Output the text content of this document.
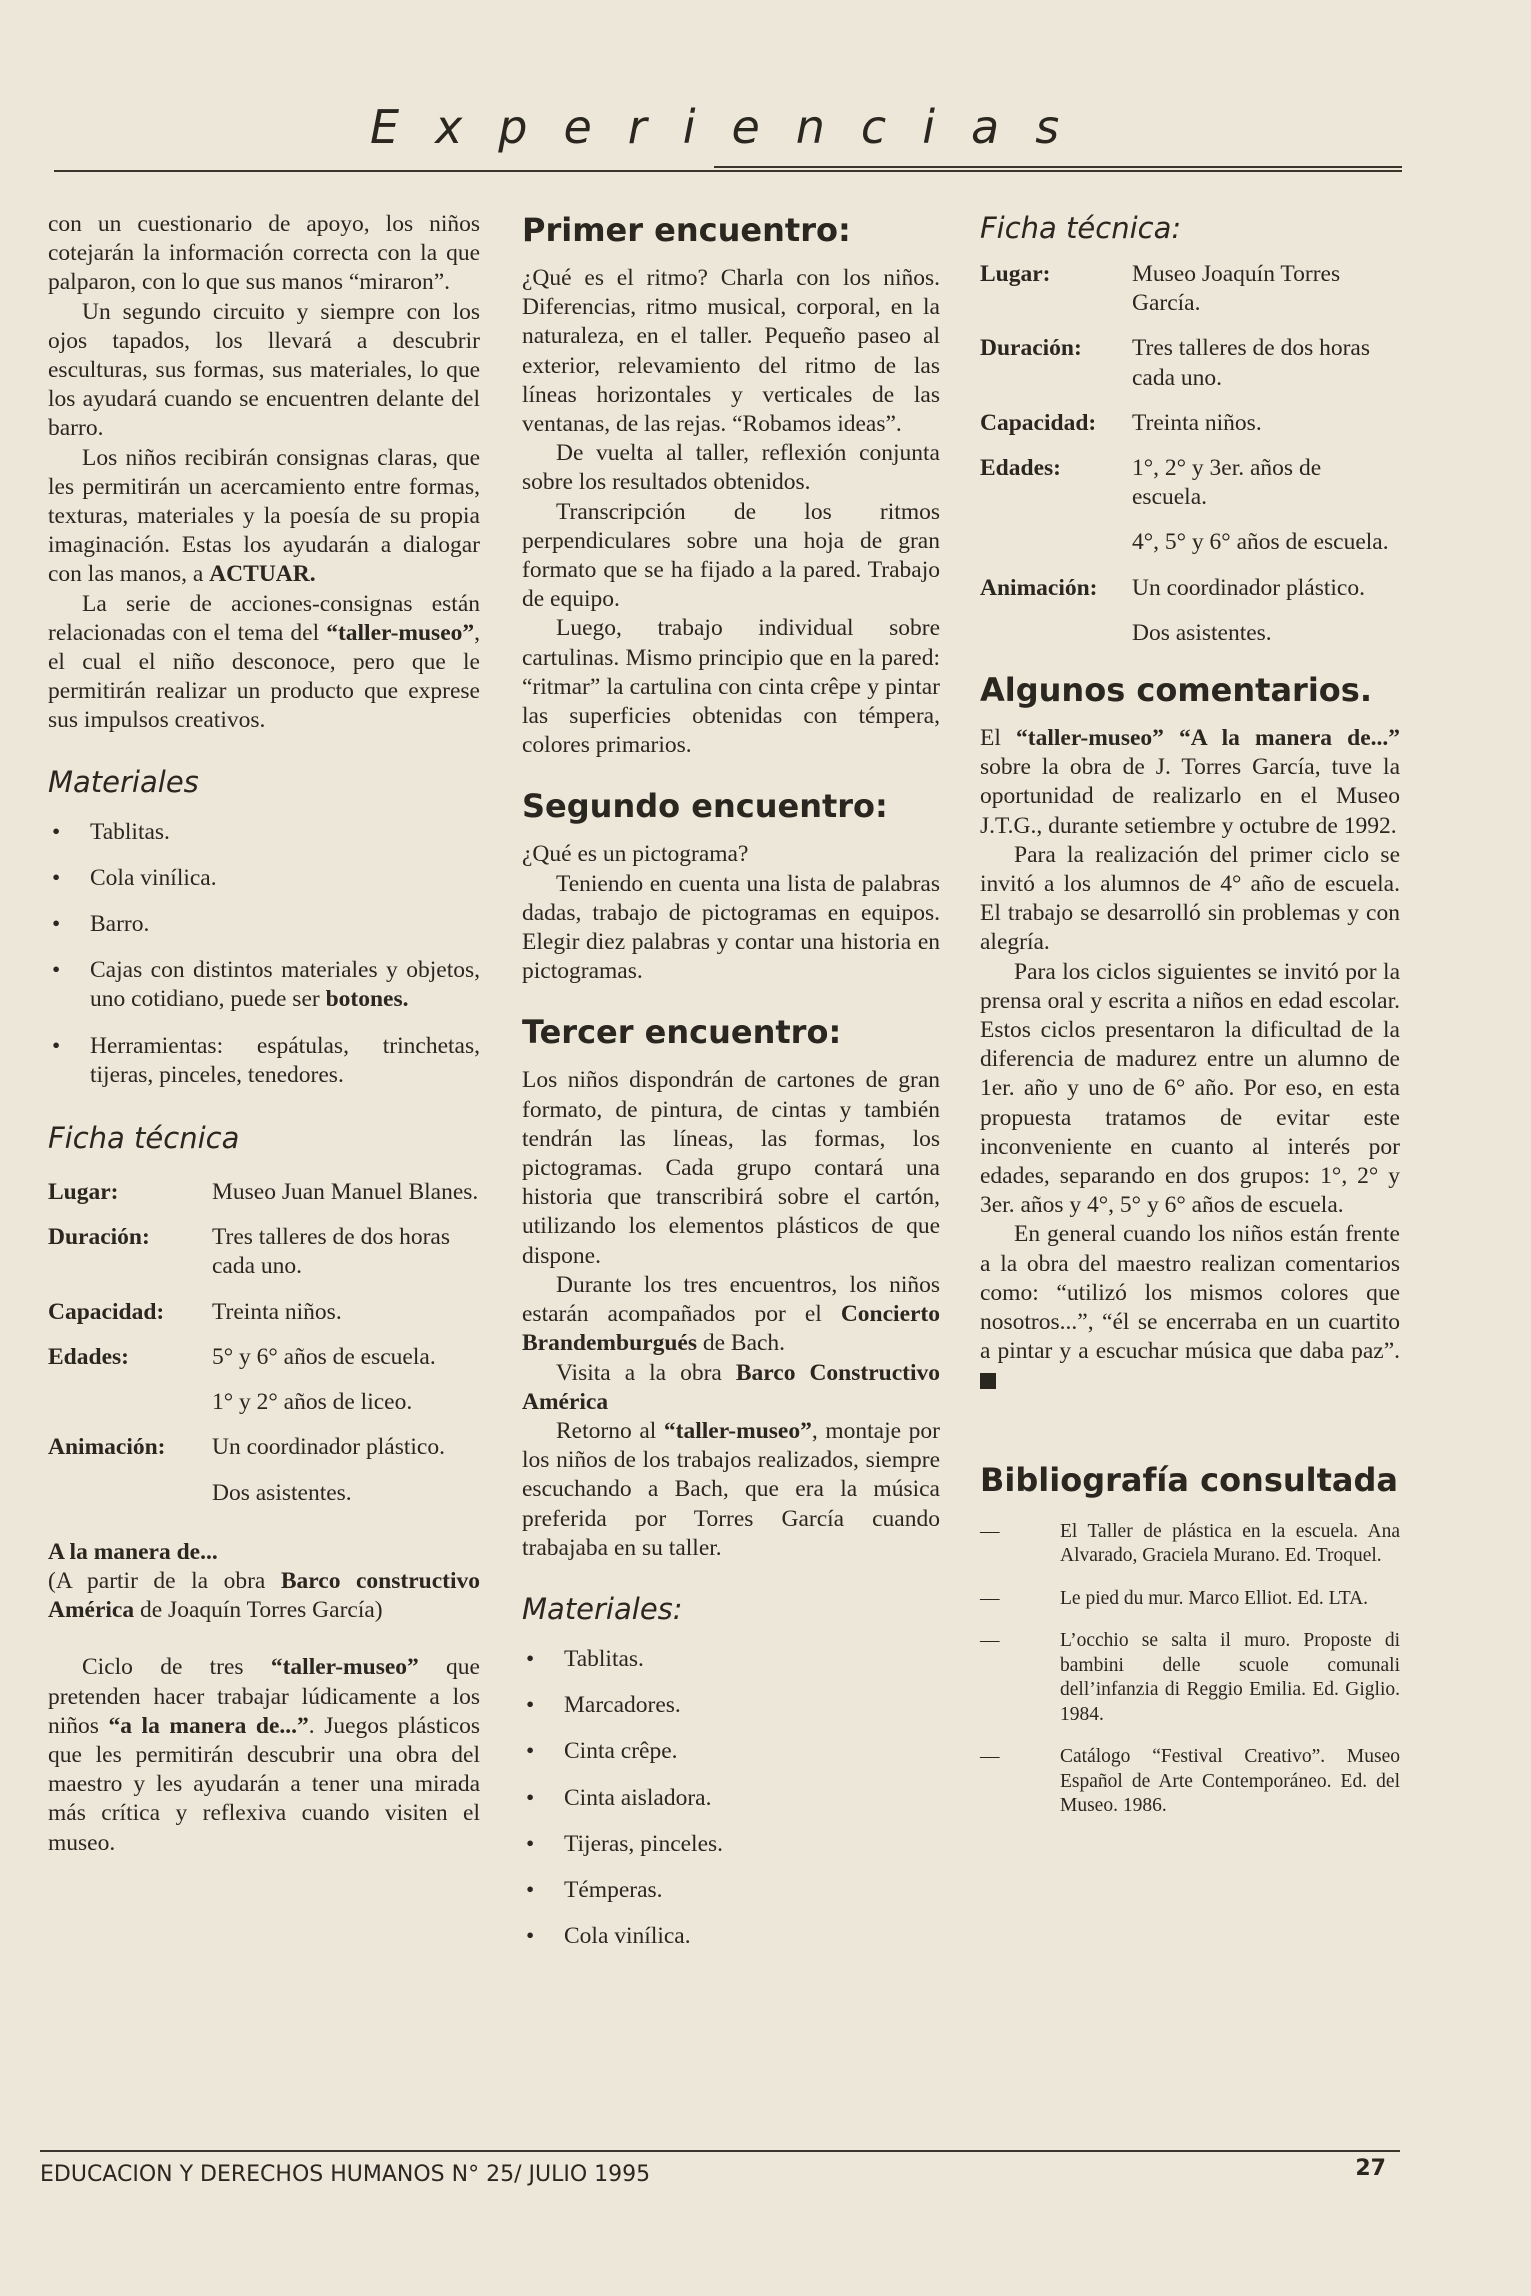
Experiencias

con un cuestionario de apoyo, los niños cotejarán la información correcta con la que palparon, con lo que sus manos “miraron”.

Un segundo circuito y siempre con los ojos tapados, los llevará a descubrir esculturas, sus formas, sus materiales, lo que los ayudará cuando se encuentren delante del barro.

Los niños recibirán consignas claras, que les permitirán un acercamiento entre formas, texturas, materiales y la poesía de su propia imaginación. Estas los ayudarán a dialogar con las manos, a ACTUAR.

La serie de acciones-consignas están relacionadas con el tema del “taller-museo”, el cual el niño desconoce, pero que le permitirán realizar un producto que exprese sus impulsos creativos.

Materiales
• Tablitas.
• Cola vinílica.
• Barro.
• Cajas con distintos materiales y objetos, uno cotidiano, puede ser botones.
• Herramientas: espátulas, trinchetas, tijeras, pinceles, tenedores.
Ficha técnica
Lugar:	Museo Juan Manuel Blanes.
Duración:	Tres talleres de dos horas cada uno.
Capacidad:	Treinta niños.
Edades:	5° y 6° años de escuela.
1° y 2° años de liceo.
Animación:	Un coordinador plástico.
Dos asistentes.
A la manera de...

(A partir de la obra Barco constructivo América de Joaquín Torres García)

Ciclo de tres “taller-museo” que pretenden hacer trabajar lúdicamente a los niños “a la manera de...”. Juegos plásticos que les permitirán descubrir una obra del maestro y les ayudarán a tener una mirada más crítica y reflexiva cuando visiten el museo.

Primer encuentro:

¿Qué es el ritmo? Charla con los niños. Diferencias, ritmo musical, corporal, en la naturaleza, en el taller. Pequeño paseo al exterior, relevamiento del ritmo de las líneas horizontales y verticales de las ventanas, de las rejas. “Robamos ideas”.

De vuelta al taller, reflexión conjunta sobre los resultados obtenidos.

Transcripción de los ritmos perpendiculares sobre una hoja de gran formato que se ha fijado a la pared. Trabajo de equipo.

Luego, trabajo individual sobre cartulinas. Mismo principio que en la pared: “ritmar” la cartulina con cinta crêpe y pintar las superficies obtenidas con témpera, colores primarios.

Segundo encuentro:

¿Qué es un pictograma?

Teniendo en cuenta una lista de palabras dadas, trabajo de pictogramas en equipos. Elegir diez palabras y contar una historia en pictogramas.

Tercer encuentro:

Los niños dispondrán de cartones de gran formato, de pintura, de cintas y también tendrán las líneas, las formas, los pictogramas. Cada grupo contará una historia que transcribirá sobre el cartón, utilizando los elementos plásticos de que dispone.

Durante los tres encuentros, los niños estarán acompañados por el Concierto Brandemburgués de Bach.

Visita a la obra Barco Constructivo América

Retorno al “taller-museo”, montaje por los niños de los trabajos realizados, siempre escuchando a Bach, que era la música preferida por Torres García cuando trabajaba en su taller.

Materiales:
• Tablitas.
• Marcadores.
• Cinta crêpe.
• Cinta aisladora.
• Tijeras, pinceles.
• Témperas.
• Cola vinílica.
Ficha técnica:
Lugar:	Museo Joaquín Torres García.
Duración:	Tres talleres de dos horas cada uno.
Capacidad:	Treinta niños.
Edades:	1°, 2° y 3er. años de escuela.
4°, 5° y 6° años de escuela.
Animación:	Un coordinador plástico.
Dos asistentes.
Algunos comentarios.

El “taller-museo” “A la manera de...” sobre la obra de J. Torres García, tuve la oportunidad de realizarlo en el Museo J.T.G., durante setiembre y octubre de 1992.

Para la realización del primer ciclo se invitó a los alumnos de 4° año de escuela. El trabajo se desarrolló sin problemas y con alegría.

Para los ciclos siguientes se invitó por la prensa oral y escrita a niños en edad escolar. Estos ciclos presentaron la dificultad de la diferencia de madurez entre un alumno de 1er. año y uno de 6° año. Por eso, en esta propuesta tratamos de evitar este inconveniente en cuanto al interés por edades, separando en dos grupos: 1°, 2° y 3er. años y 4°, 5° y 6° años de escuela.

En general cuando los niños están frente a la obra del maestro realizan comentarios como: “utilizó los mismos colores que nosotros...”, “él se encerraba en un cuartito a pintar y a escuchar música que daba paz”.

Bibliografía consultada
—	El Taller de plástica en la escuela. Ana Alvarado, Graciela Murano. Ed. Troquel.
—	Le pied du mur. Marco Elliot. Ed. LTA.
—	L’occhio se salta il muro. Proposte di bambini delle scuole comunali dell’infanzia di Reggio Emilia. Ed. Giglio. 1984.
—	Catálogo “Festival Creativo”. Museo Español de Arte Contemporáneo. Ed. del Museo. 1986.
EDUCACION Y DERECHOS HUMANOS N° 25/ JULIO 1995	27
